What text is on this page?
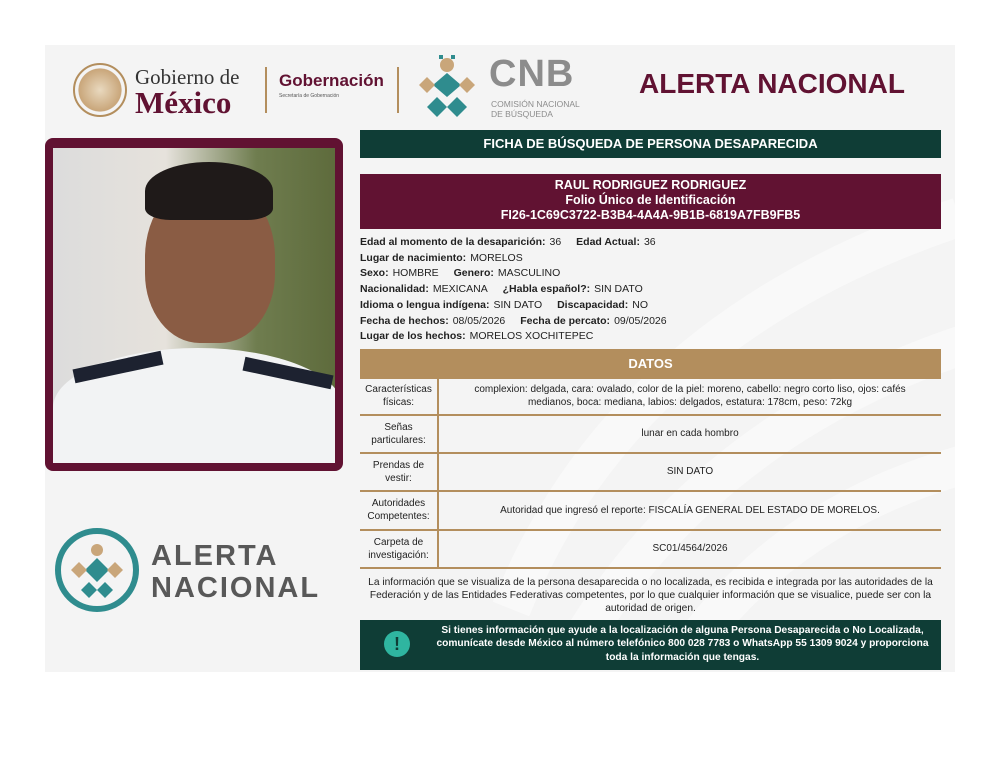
Gobierno de
México
Gobernación
Secretaría de Gobernación
CNB
COMISIÓN NACIONAL
DE BÚSQUEDA
ALERTA NACIONAL
ALERTA
NACIONAL
FICHA DE BÚSQUEDA DE PERSONA DESAPARECIDA
RAUL RODRIGUEZ RODRIGUEZ
Folio Único de Identificación
FI26-1C69C3722-B3B4-4A4A-9B1B-6819A7FB9FB5
Edad al momento de la desaparición: 36 Edad Actual: 36
Lugar de nacimiento: MORELOS
Sexo: HOMBRE Genero: MASCULINO
Nacionalidad: MEXICANA ¿Habla español?: SIN DATO
Idioma o lengua indígena: SIN DATO Discapacidad: NO
Fecha de hechos: 08/05/2026 Fecha de percato: 09/05/2026
Lugar de los hechos: MORELOS XOCHITEPEC
DATOS
Características físicas:	complexion: delgada, cara: ovalado, color de la piel: moreno, cabello: negro corto liso, ojos: cafés medianos, boca: mediana, labios: delgados, estatura: 178cm, peso: 72kg
Señas particulares:	lunar en cada hombro
Prendas de vestir:	SIN DATO
Autoridades Competentes:	Autoridad que ingresó el reporte: FISCALÍA GENERAL DEL ESTADO DE MORELOS.
Carpeta de investigación:	SC01/4564/2026
La información que se visualiza de la persona desaparecida o no localizada, es recibida e integrada por las autoridades de la Federación y de las Entidades Federativas competentes, por lo que cualquier información que se visualice, puede ser con la autoridad de origen.
!
Si tienes información que ayude a la localización de alguna Persona Desaparecida o No Localizada, comunícate desde México al número telefónico 800 028 7783 o WhatsApp 55 1309 9024 y proporciona toda la información que tengas.
